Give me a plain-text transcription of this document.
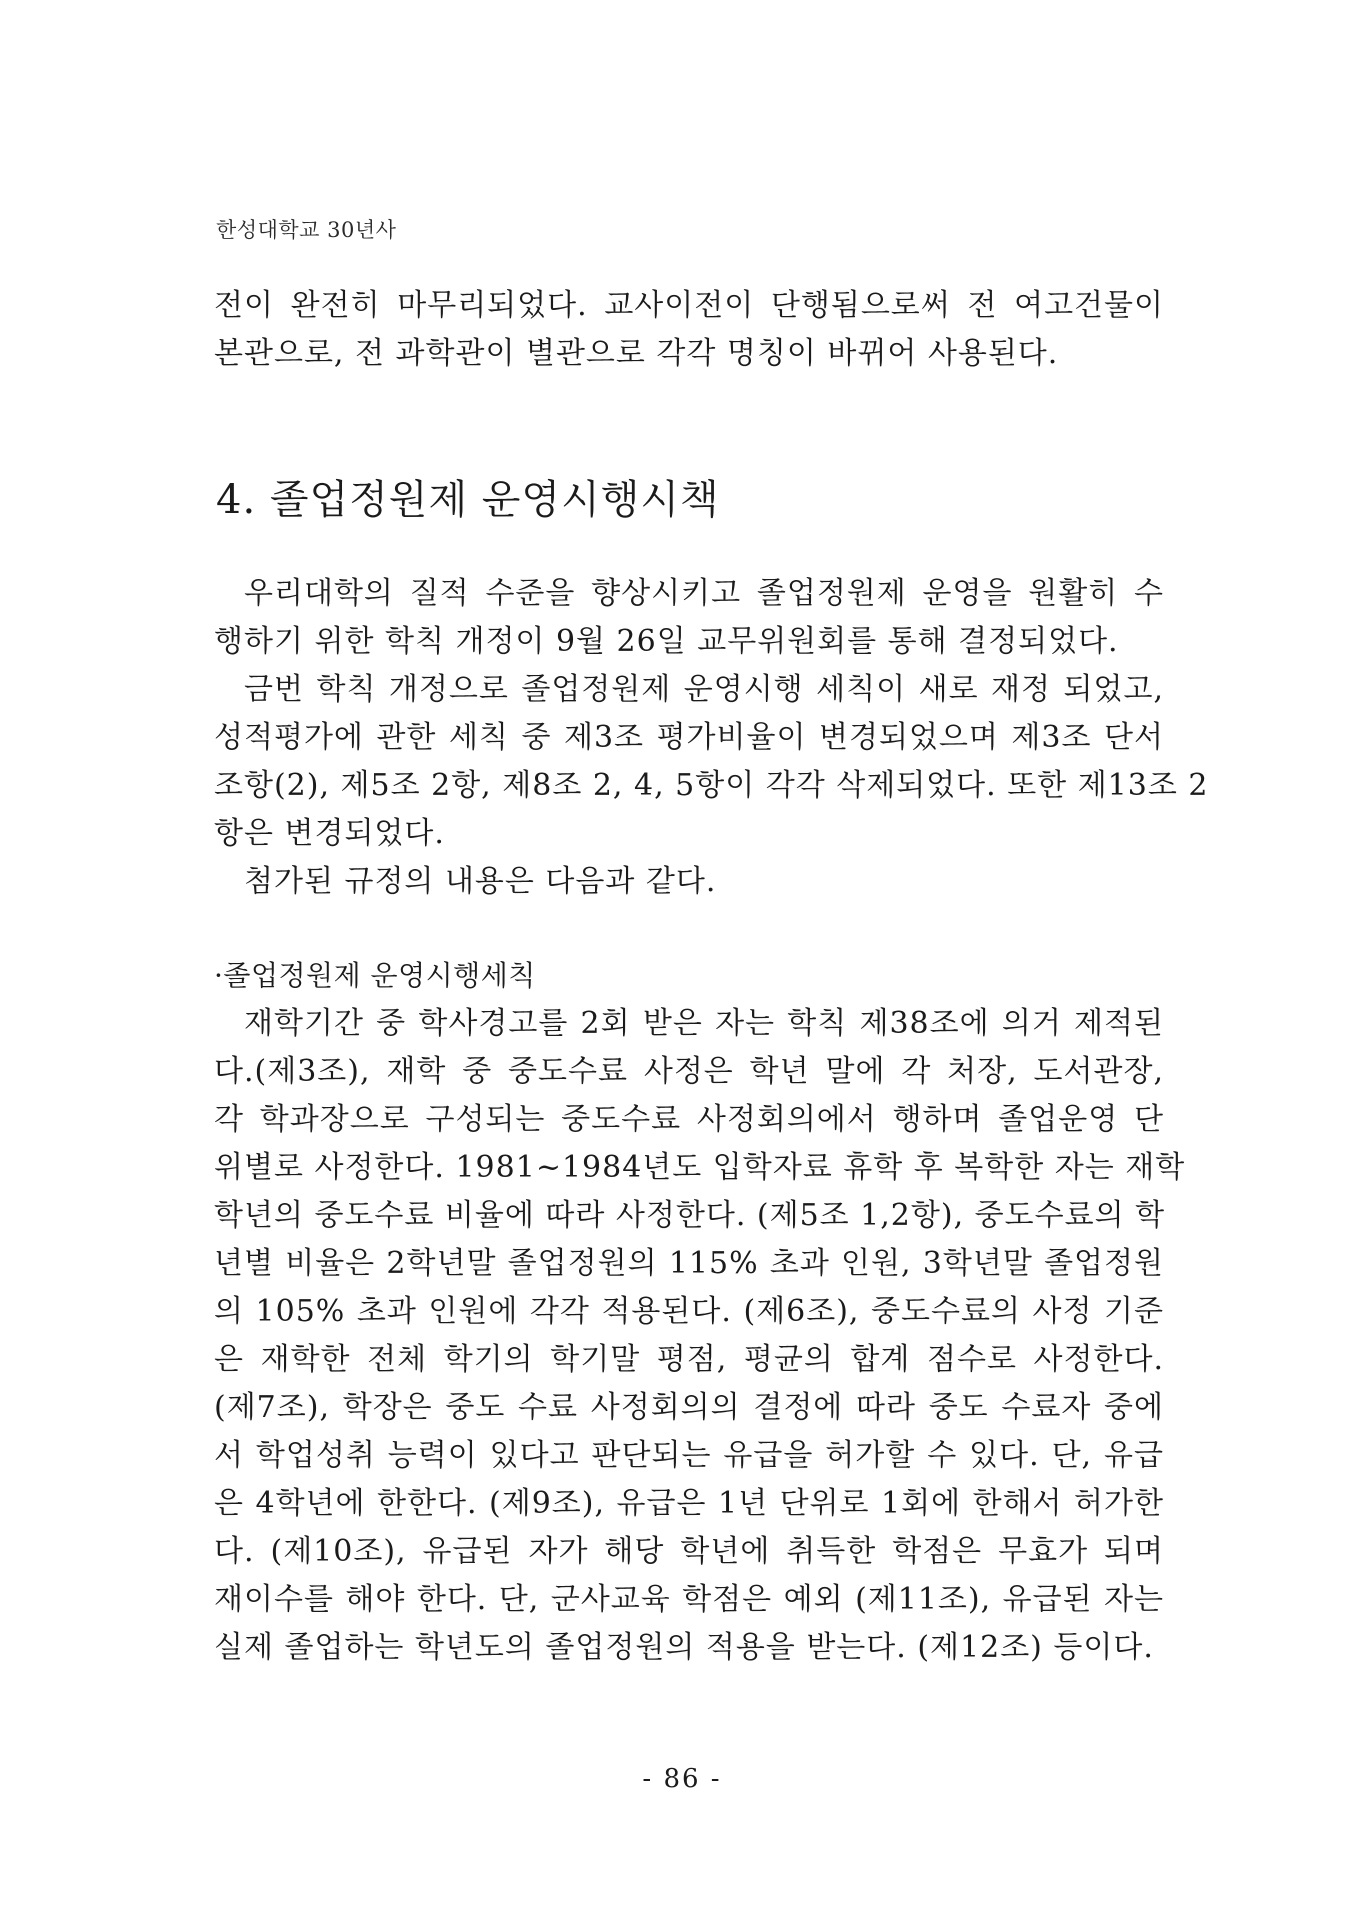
한성대학교 30년사
전이 완전히 마무리되었다. 교사이전이 단행됨으로써 전 여고건물이
본관으로, 전 과학관이 별관으로 각각 명칭이 바뀌어 사용된다.
4. 졸업정원제 운영시행시책
우리대학의 질적 수준을 향상시키고 졸업정원제 운영을 원활히 수
행하기 위한 학칙 개정이 9월 26일 교무위원회를 통해 결정되었다.
금번 학칙 개정으로 졸업정원제 운영시행 세칙이 새로 재정 되었고,
성적평가에 관한 세칙 중 제3조 평가비율이 변경되었으며 제3조 단서
조항(2), 제5조 2항, 제8조 2, 4, 5항이 각각 삭제되었다. 또한 제13조 2
항은 변경되었다.
첨가된 규정의 내용은 다음과 같다.
·졸업정원제 운영시행세칙
재학기간 중 학사경고를 2회 받은 자는 학칙 제38조에 의거 제적된
다.(제3조), 재학 중 중도수료 사정은 학년 말에 각 처장, 도서관장,
각 학과장으로 구성되는 중도수료 사정회의에서 행하며 졸업운영 단
위별로 사정한다. 1981~1984년도 입학자료 휴학 후 복학한 자는 재학
학년의 중도수료 비율에 따라 사정한다. (제5조 1,2항), 중도수료의 학
년별 비율은 2학년말 졸업정원의 115% 초과 인원, 3학년말 졸업정원
의 105% 초과 인원에 각각 적용된다. (제6조), 중도수료의 사정 기준
은 재학한 전체 학기의 학기말 평점, 평균의 합계 점수로 사정한다.
(제7조), 학장은 중도 수료 사정회의의 결정에 따라 중도 수료자 중에
서 학업성취 능력이 있다고 판단되는 유급을 허가할 수 있다. 단, 유급
은 4학년에 한한다. (제9조), 유급은 1년 단위로 1회에 한해서 허가한
다. (제10조), 유급된 자가 해당 학년에 취득한 학점은 무효가 되며
재이수를 해야 한다. 단, 군사교육 학점은 예외 (제11조), 유급된 자는
실제 졸업하는 학년도의 졸업정원의 적용을 받는다. (제12조) 등이다.
- 86 -
